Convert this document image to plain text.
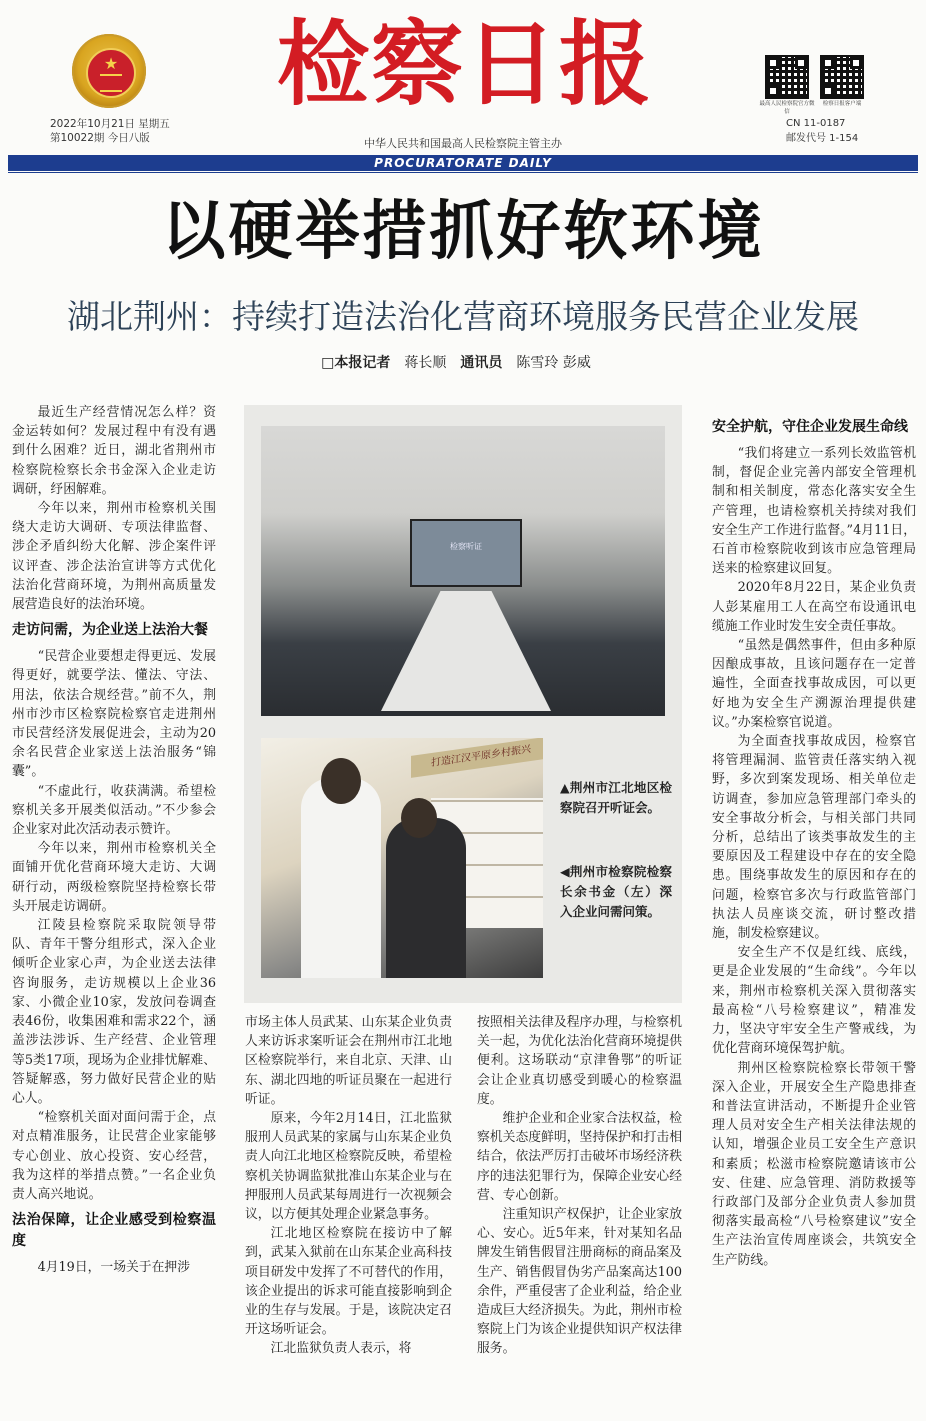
★ 检察日报
2022年10月21日 星期五
第10022期 今日八版	中华人民共和国最高人民检察院主管主办
最高人民检察院官方微信
检察日报客户端
CN 11-0187
邮发代号 1-154
PROCURATORATE DAILY
以硬举措抓好软环境
湖北荆州：持续打造法治化营商环境服务民营企业发展
□本报记者 蒋长顺 通讯员 陈雪玲 彭威

最近生产经营情况怎么样？资金运转如何？发展过程中有没有遇到什么困难？近日，湖北省荆州市检察院检察长余书金深入企业走访调研，纾困解难。

今年以来，荆州市检察机关围绕大走访大调研、专项法律监督、涉企矛盾纠纷大化解、涉企案件评议评查、涉企法治宣讲等方式优化法治化营商环境，为荆州高质量发展营造良好的法治环境。

走访问需，为企业送上法治大餐

“民营企业要想走得更远、发展得更好，就要学法、懂法、守法、用法，依法合规经营。”前不久，荆州市沙市区检察院检察官走进荆州市民营经济发展促进会，主动为20余名民营企业家送上法治服务“锦囊”。

“不虚此行，收获满满。希望检察机关多开展类似活动。”不少参会企业家对此次活动表示赞许。

今年以来，荆州市检察机关全面铺开优化营商环境大走访、大调研行动，两级检察院坚持检察长带头开展走访调研。

江陵县检察院采取院领导带队、青年干警分组形式，深入企业倾听企业家心声，为企业送去法律咨询服务，走访规模以上企业36家、小微企业10家，发放问卷调查表46份，收集困难和需求22个，涵盖涉法涉诉、生产经营、企业管理等5类17项，现场为企业排忧解难、答疑解惑，努力做好民营企业的贴心人。

“检察机关面对面问需于企，点对点精准服务，让民营企业家能够专心创业、放心投资、安心经营，我为这样的举措点赞。”一名企业负责人高兴地说。

法治保障，让企业感受到检察温度

4月19日，一场关于在押涉

检察听证
打造江汉平原乡村振兴
▲荆州市江北地区检察院召开听证会。
◀荆州市检察院检察长余书金（左）深入企业问需问策。

市场主体人员武某、山东某企业负责人来访诉求案听证会在荆州市江北地区检察院举行，来自北京、天津、山东、湖北四地的听证员聚在一起进行听证。

原来，今年2月14日，江北监狱服刑人员武某的家属与山东某企业负责人向江北地区检察院反映，希望检察机关协调监狱批准山东某企业与在押服刑人员武某每周进行一次视频会议，以方便其处理企业紧急事务。

江北地区检察院在接访中了解到，武某入狱前在山东某企业高科技项目研发中发挥了不可替代的作用，该企业提出的诉求可能直接影响到企业的生存与发展。于是，该院决定召开这场听证会。

江北监狱负责人表示，将

按照相关法律及程序办理，与检察机关一起，为优化法治化营商环境提供便利。这场联动“京津鲁鄂”的听证会让企业真切感受到暖心的检察温度。

维护企业和企业家合法权益，检察机关态度鲜明，坚持保护和打击相结合，依法严厉打击破坏市场经济秩序的违法犯罪行为，保障企业安心经营、专心创新。

注重知识产权保护，让企业家放心、安心。近5年来，针对某知名品牌发生销售假冒注册商标的商品案及生产、销售假冒伪劣产品案高达100余件，严重侵害了企业利益，给企业造成巨大经济损失。为此，荆州市检察院上门为该企业提供知识产权法律服务。

安全护航，守住企业发展生命线

“我们将建立一系列长效监管机制，督促企业完善内部安全管理机制和相关制度，常态化落实安全生产管理，也请检察机关持续对我们安全生产工作进行监督。”4月11日，石首市检察院收到该市应急管理局送来的检察建议回复。

2020年8月22日，某企业负责人彭某雇用工人在高空布设通讯电缆施工作业时发生安全责任事故。

“虽然是偶然事件，但由多种原因酿成事故，且该问题存在一定普遍性，全面查找事故成因，可以更好地为安全生产溯源治理提供建议。”办案检察官说道。

为全面查找事故成因，检察官将管理漏洞、监管责任落实纳入视野，多次到案发现场、相关单位走访调查，参加应急管理部门牵头的安全事故分析会，与相关部门共同分析，总结出了该类事故发生的主要原因及工程建设中存在的安全隐患。围绕事故发生的原因和存在的问题，检察官多次与行政监管部门执法人员座谈交流，研讨整改措施，制发检察建议。

安全生产不仅是红线、底线，更是企业发展的“生命线”。今年以来，荆州市检察机关深入贯彻落实最高检“八号检察建议”，精准发力，坚决守牢安全生产警戒线，为优化营商环境保驾护航。

荆州区检察院检察长带领干警深入企业，开展安全生产隐患排查和普法宣讲活动，不断提升企业管理人员对安全生产相关法律法规的认知，增强企业员工安全生产意识和素质；松滋市检察院邀请该市公安、住建、应急管理、消防救援等行政部门及部分企业负责人参加贯彻落实最高检“八号检察建议”安全生产法治宣传周座谈会，共筑安全生产防线。
